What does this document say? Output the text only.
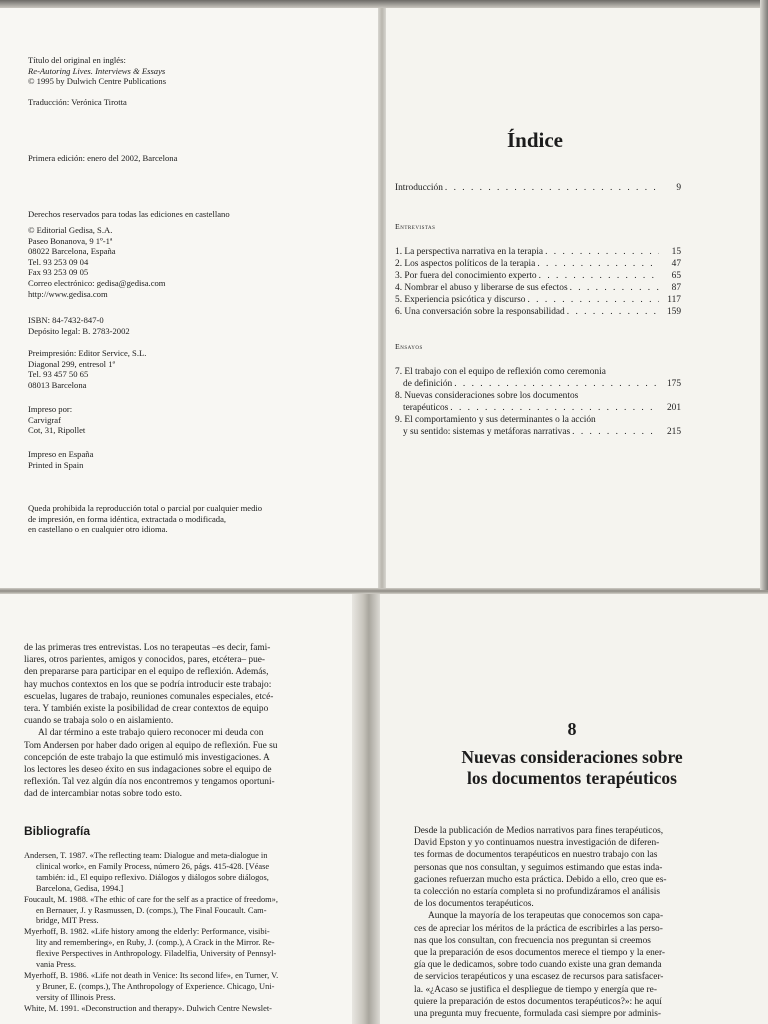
Título del original en inglés:
Re-Autoring Lives. Interviews & Essays
© 1995 by Dulwich Centre Publications
Traducción: Verónica Tirotta
Primera edición: enero del 2002, Barcelona
Derechos reservados para todas las ediciones en castellano
© Editorial Gedisa, S.A.
Paseo Bonanova, 9 1º-1ª
08022 Barcelona, España
Tel. 93 253 09 04
Fax 93 253 09 05
Correo electrónico: gedisa@gedisa.com
http://www.gedisa.com
ISBN: 84-7432-847-0
Depósito legal: B. 2783-2002
Preimpresión: Editor Service, S.L.
Diagonal 299, entresol 1ª
Tel. 93 457 50 65
08013 Barcelona
Impreso por:
Carvigraf
Cot, 31, Ripollet
Impreso en España
Printed in Spain
Queda prohibida la reproducción total o parcial por cualquier medio
de impresión, en forma idéntica, extractada o modificada,
en castellano o en cualquier otro idioma.
Índice
Introducción . . .	9
Entrevistas
1. La perspectiva narrativa en la terapia . . .	15
2. Los aspectos políticos de la terapia . . .	47
3. Por fuera del conocimiento experto . . .	65
4. Nombrar el abuso y liberarse de sus efectos . . .	87
5. Experiencia psicótica y discurso . . .	117
6. Una conversación sobre la responsabilidad . . .	159
Ensayos
7. El trabajo con el equipo de reflexión como ceremonia
de definición . . .	175
8. Nuevas consideraciones sobre los documentos
terapéuticos . . .	201
9. El comportamiento y sus determinantes o la acción
y su sentido: sistemas y metáforas narrativas . . .	215
de las primeras tres entrevistas. Los no terapeutas –es decir, fami-
liares, otros parientes, amigos y conocidos, pares, etcétera– pue-
den prepararse para participar en el equipo de reflexión. Además,
hay muchos contextos en los que se podría introducir este trabajo:
escuelas, lugares de trabajo, reuniones comunales especiales, etcé-
tera. Y también existe la posibilidad de crear contextos de equipo
cuando se trabaja solo o en aislamiento.
Al dar término a este trabajo quiero reconocer mi deuda con
Tom Andersen por haber dado origen al equipo de reflexión. Fue su
concepción de este trabajo la que estimuló mis investigaciones. A
los lectores les deseo éxito en sus indagaciones sobre el equipo de
reflexión. Tal vez algún día nos encontremos y tengamos oportuni-
dad de intercambiar notas sobre todo esto.
Bibliografía
Andersen, T. 1987. «The reflecting team: Dialogue and meta-dialogue in
clinical work», en Family Process, número 26, págs. 415-428. [Véase
también: id., El equipo reflexivo. Diálogos y diálogos sobre diálogos,
Barcelona, Gedisa, 1994.]
Foucault, M. 1988. «The ethic of care for the self as a practice of freedom»,
en Bernauer, J. y Rasmussen, D. (comps.), The Final Foucault. Cam-
bridge, MIT Press.
Myerhoff, B. 1982. «Life history among the elderly: Performance, visibi-
lity and remembering», en Ruby, J. (comp.), A Crack in the Mirror. Re-
flexive Perspectives in Anthropology. Filadelfia, University of Pennsyl-
vania Press.
Myerhoff, B. 1986. «Life not death in Venice: Its second life», en Turner, V.
y Bruner, E. (comps.), The Anthropology of Experience. Chicago, Uni-
versity of Illinois Press.
White, M. 1991. «Deconstruction and therapy». Dulwich Centre Newslet-
8
Nuevas consideraciones sobre
los documentos terapéuticos
Desde la publicación de Medios narrativos para fines terapéuticos,
David Epston y yo continuamos nuestra investigación de diferen-
tes formas de documentos terapéuticos en nuestro trabajo con las
personas que nos consultan, y seguimos estimando que estas inda-
gaciones refuerzan mucho esta práctica. Debido a ello, creo que es-
ta colección no estaría completa si no profundizáramos el análisis
de los documentos terapéuticos.
Aunque la mayoría de los terapeutas que conocemos son capa-
ces de apreciar los méritos de la práctica de escribirles a las perso-
nas que los consultan, con frecuencia nos preguntan si creemos
que la preparación de esos documentos merece el tiempo y la ener-
gía que le dedicamos, sobre todo cuando existe una gran demanda
de servicios terapéuticos y una escasez de recursos para satisfacer-
la. «¿Acaso se justifica el despliegue de tiempo y energía que re-
quiere la preparación de estos documentos terapéuticos?»: he aquí
una pregunta muy frecuente, formulada casi siempre por adminis-
